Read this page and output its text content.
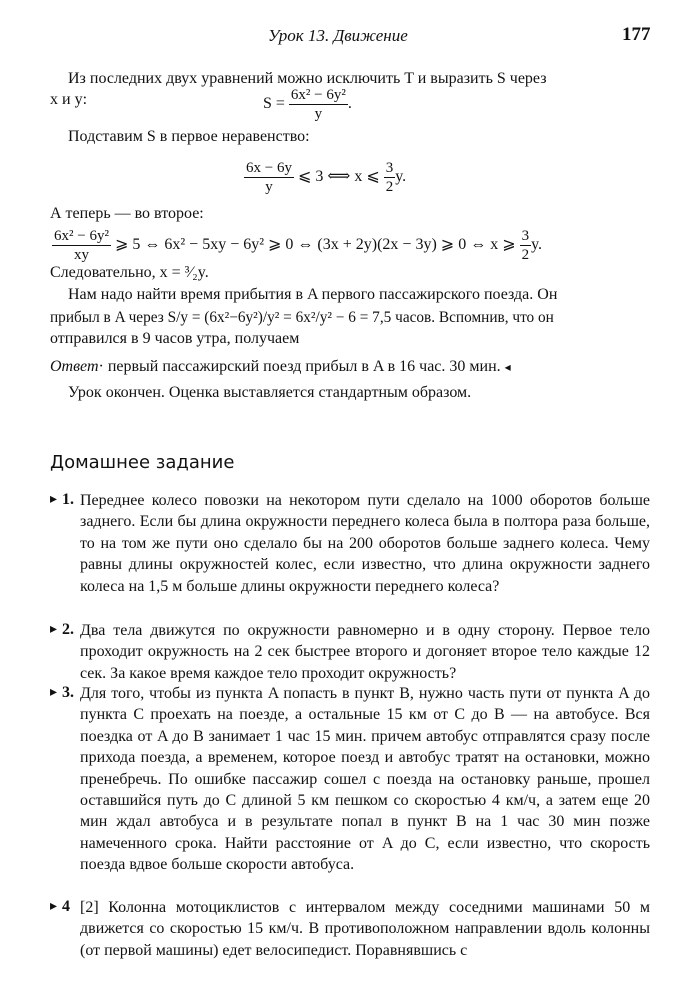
Урок 13. Движение	177
Из последних двух уравнений можно исключить T и выразить S через
x и y:	$S = \frac{\text{6x² − 6y²}}{y}$ .
Подставим S в первое неравенство:
$\frac{6x - 6y}{y}$ ⩽ 3 ⟺ x ⩽ $\frac{3}{2} y$.
А теперь — во второе:
$\frac{\text{6x² − 6y²}}{xy}$ ⩾ 5 ⇔ 6x² − 5xy − 6y² ⩾ 0 ⇔ (3x + 2y)(2x − 3y) ⩾ 0 ⇔ x ⩾ $\frac{3}{2} y$.
Следовательно, x = ³⁄₂y.
Нам надо найти время прибытия в A первого пассажирского поезда. Он
прибыл в A через S/y = (6x²−6y²)/y² = 6x²/y² − 6 = 7,5 часов. Вспомнив, что он
отправился в 9 часов утра, получаем
Ответ· первый пассажирский поезд прибыл в A в 16 час. 30 мин. ◂
Урок окончен. Оценка выставляется стандартным образом.
Домашнее задание
▸ 1. Переднее колесо повозки на некотором пути сделало на 1000 оборотов больше заднего. Если бы длина окружности переднего колеса была в полтора раза больше, то на том же пути оно сделало бы на 200 оборотов больше заднего колеса. Чему равны длины окружностей колес, если известно, что длина окружности заднего колеса на 1,5 м больше длины окружности переднего колеса?
▸ 2. Два тела движутся по окружности равномерно и в одну сторону. Первое тело проходит окружность на 2 сек быстрее второго и догоняет второе тело каждые 12 сек. За какое время каждое тело проходит окружность?
▸ 3. Для того, чтобы из пункта A попасть в пункт B, нужно часть пути от пункта A до пункта C проехать на поезде, а остальные 15 км от C до B — на автобусе. Вся поездка от A до B занимает 1 час 15 мин. причем автобус отправлятся сразу после прихода поезда, а временем, которое поезд и автобус тратят на остановки, можно пренебречь. По ошибке пассажир сошел с поезда на остановку раньше, прошел оставшийся путь до C длиной 5 км пешком со скоростью 4 км/ч, а затем еще 20 мин ждал автобуса и в результате попал в пункт B на 1 час 30 мин позже намеченного срока. Найти расстояние от A до C, если известно, что скорость поезда вдвое больше скорости автобуса.
▸ 4 [2] Колонна мотоциклистов с интервалом между соседними машинами 50 м движется со скоростью 15 км/ч. В противоположном направлении вдоль колонны (от первой машины) едет велосипедист. Поравнявшись с
